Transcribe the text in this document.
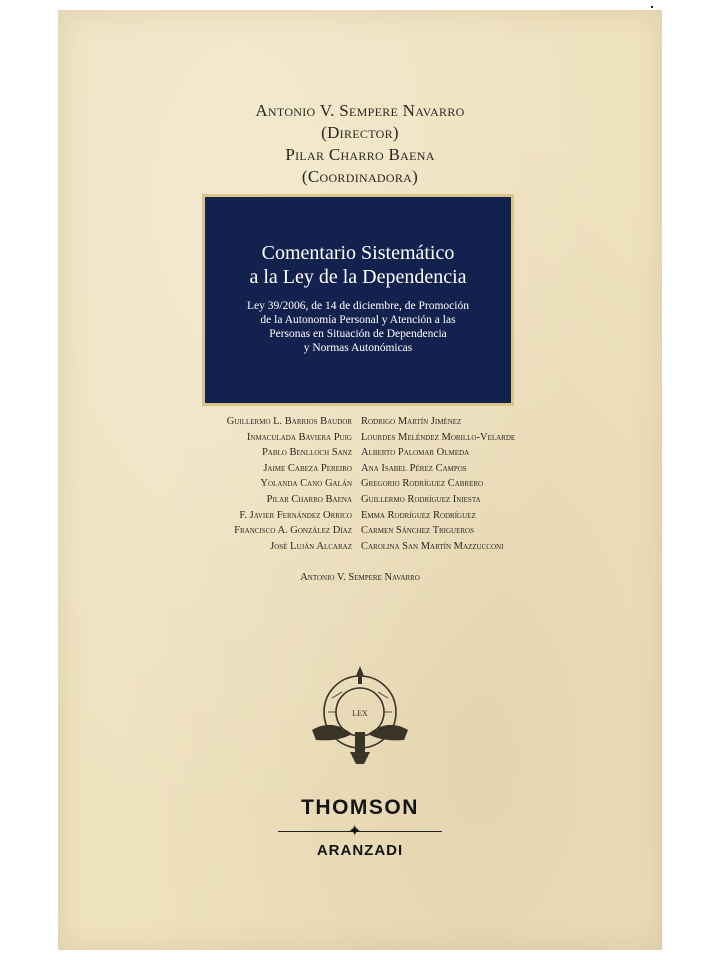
Antonio V. Sempere Navarro
(Director)
Pilar Charro Baena
(Coordinadora)
Comentario Sistemático
a la Ley de la Dependencia
Ley 39/2006, de 14 de diciembre, de Promoción
de la Autonomía Personal y Atención a las
Personas en Situación de Dependencia
y Normas Autonómicas
Guillermo L. Barrios Baudor
Inmaculada Baviera Puig
Pablo Benlloch Sanz
Jaime Cabeza Pereiro
Yolanda Cano Galán
Pilar Charro Baena
F. Javier Fernández Orrico
Francisco A. González Díaz
José Luján Alcaraz
Rodrigo Martín Jiménez
Lourdes Meléndez Morillo-Velarde
Alberto Palomar Olmeda
Ana Isabel Pérez Campos
Gregorio Rodríguez Cabrero
Guillermo Rodríguez Iniesta
Emma Rodríguez Rodríguez
Carmen Sánchez Trigueros
Carolina San Martín Mazzucconi
Antonio V. Sempere Navarro
LEX
THOMSON
✦
ARANZADI
